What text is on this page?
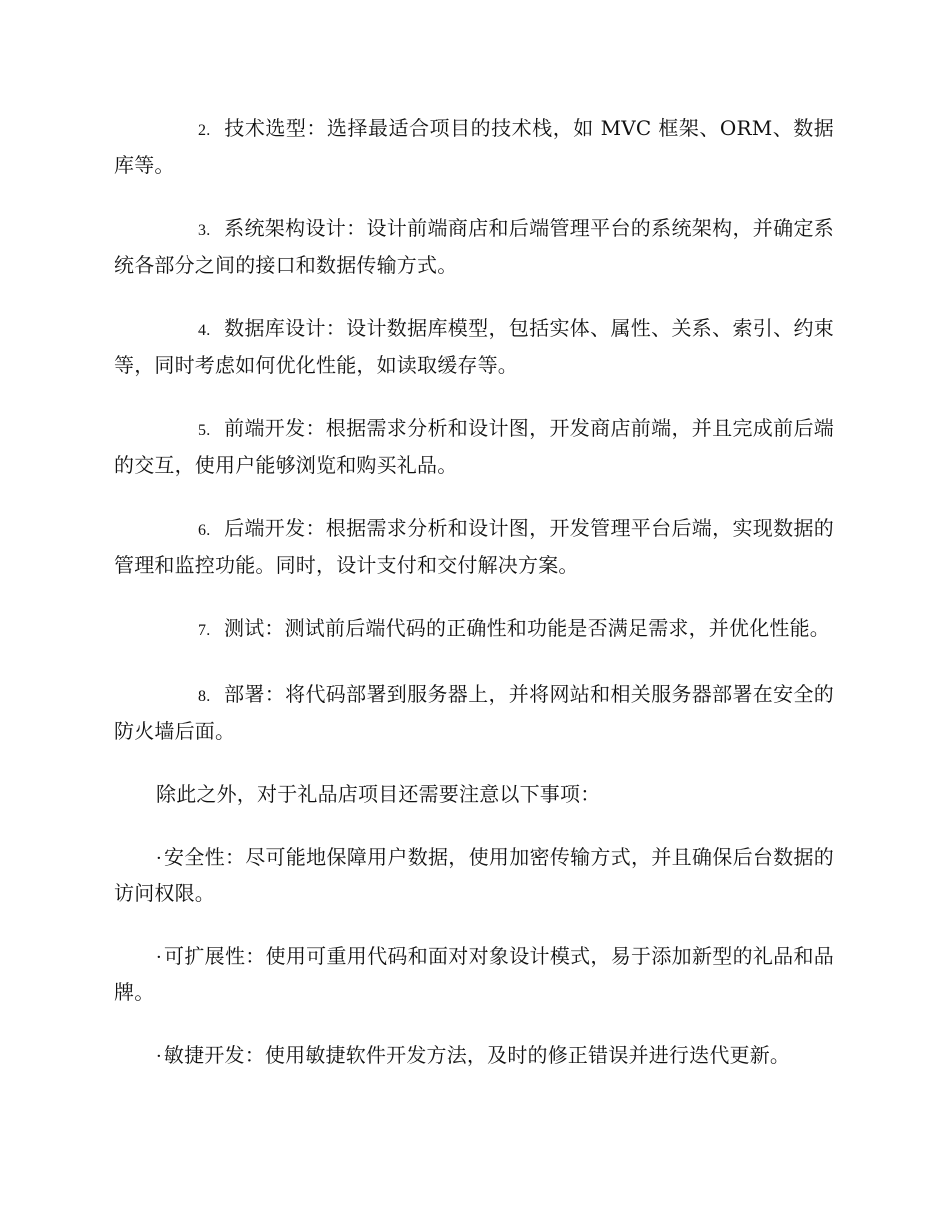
2. 技术选型：选择最适合项目的技术栈，如 MVC 框架、ORM、数据库等。

3. 系统架构设计：设计前端商店和后端管理平台的系统架构，并确定系统各部分之间的接口和数据传输方式。

4. 数据库设计：设计数据库模型，包括实体、属性、关系、索引、约束等，同时考虑如何优化性能，如读取缓存等。

5. 前端开发：根据需求分析和设计图，开发商店前端，并且完成前后端的交互，使用户能够浏览和购买礼品。

6. 后端开发：根据需求分析和设计图，开发管理平台后端，实现数据的管理和监控功能。同时，设计支付和交付解决方案。

7. 测试：测试前后端代码的正确性和功能是否满足需求，并优化性能。

8. 部署：将代码部署到服务器上，并将网站和相关服务器部署在安全的防火墙后面。

除此之外，对于礼品店项目还需要注意以下事项：

· 安全性：尽可能地保障用户数据，使用加密传输方式，并且确保后台数据的访问权限。

· 可扩展性：使用可重用代码和面对对象设计模式，易于添加新型的礼品和品牌。

· 敏捷开发：使用敏捷软件开发方法，及时的修正错误并进行迭代更新。
